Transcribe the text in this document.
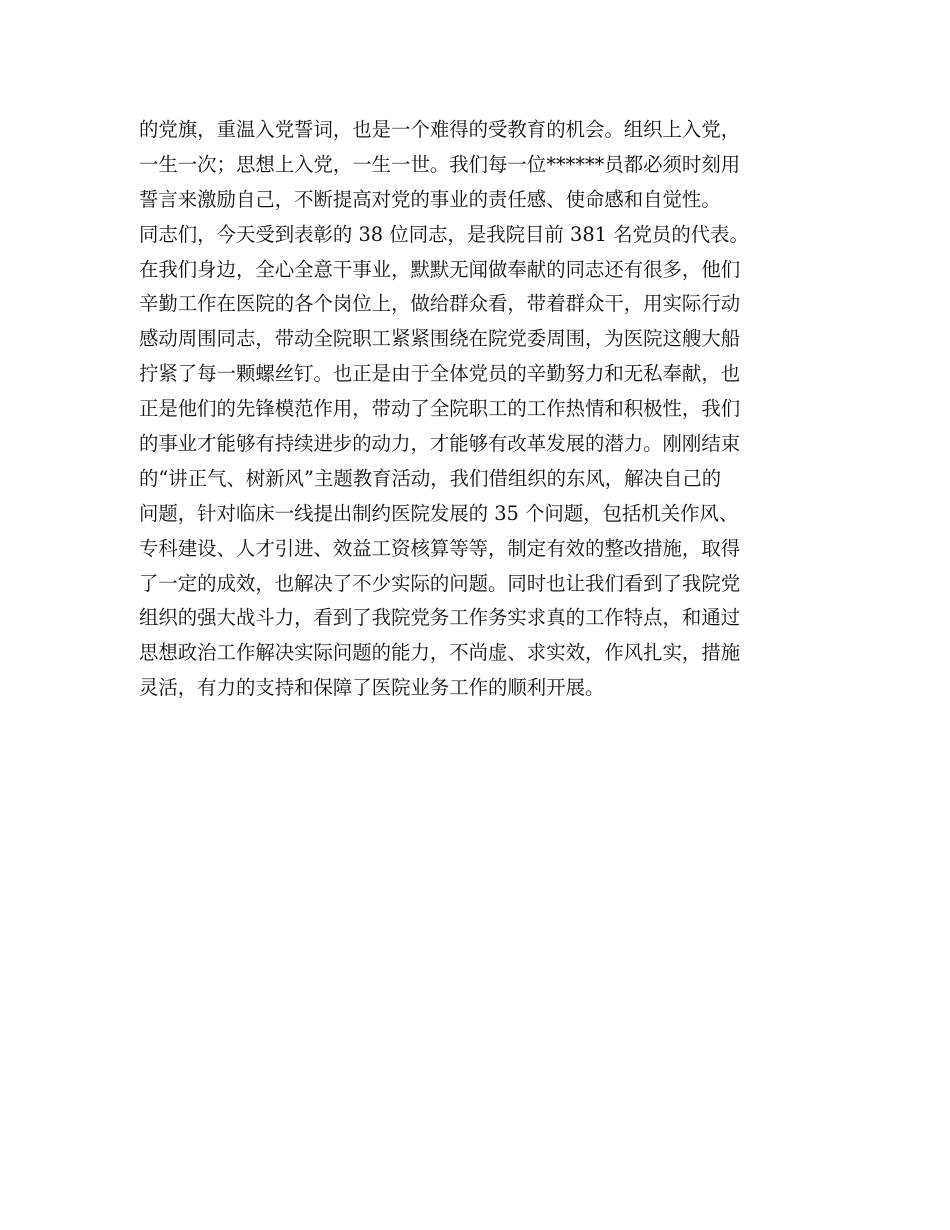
的党旗，重温入党誓词，也是一个难得的受教育的机会。组织上入党，
一生一次；思想上入党，一生一世。我们每一位******员都必须时刻用
誓言来激励自己，不断提高对党的事业的责任感、使命感和自觉性。
同志们，今天受到表彰的 38 位同志，是我院目前 381 名党员的代表。
在我们身边，全心全意干事业，默默无闻做奉献的同志还有很多，他们
辛勤工作在医院的各个岗位上，做给群众看，带着群众干，用实际行动
感动周围同志，带动全院职工紧紧围绕在院党委周围，为医院这艘大船
拧紧了每一颗螺丝钉。也正是由于全体党员的辛勤努力和无私奉献，也
正是他们的先锋模范作用，带动了全院职工的工作热情和积极性，我们
的事业才能够有持续进步的动力，才能够有改革发展的潜力。刚刚结束
的“讲正气、树新风”主题教育活动，我们借组织的东风，解决自己的
问题，针对临床一线提出制约医院发展的 35 个问题，包括机关作风、
专科建设、人才引进、效益工资核算等等，制定有效的整改措施，取得
了一定的成效，也解决了不少实际的问题。同时也让我们看到了我院党
组织的强大战斗力，看到了我院党务工作务实求真的工作特点，和通过
思想政治工作解决实际问题的能力，不尚虚、求实效，作风扎实，措施
灵活，有力的支持和保障了医院业务工作的顺利开展。
